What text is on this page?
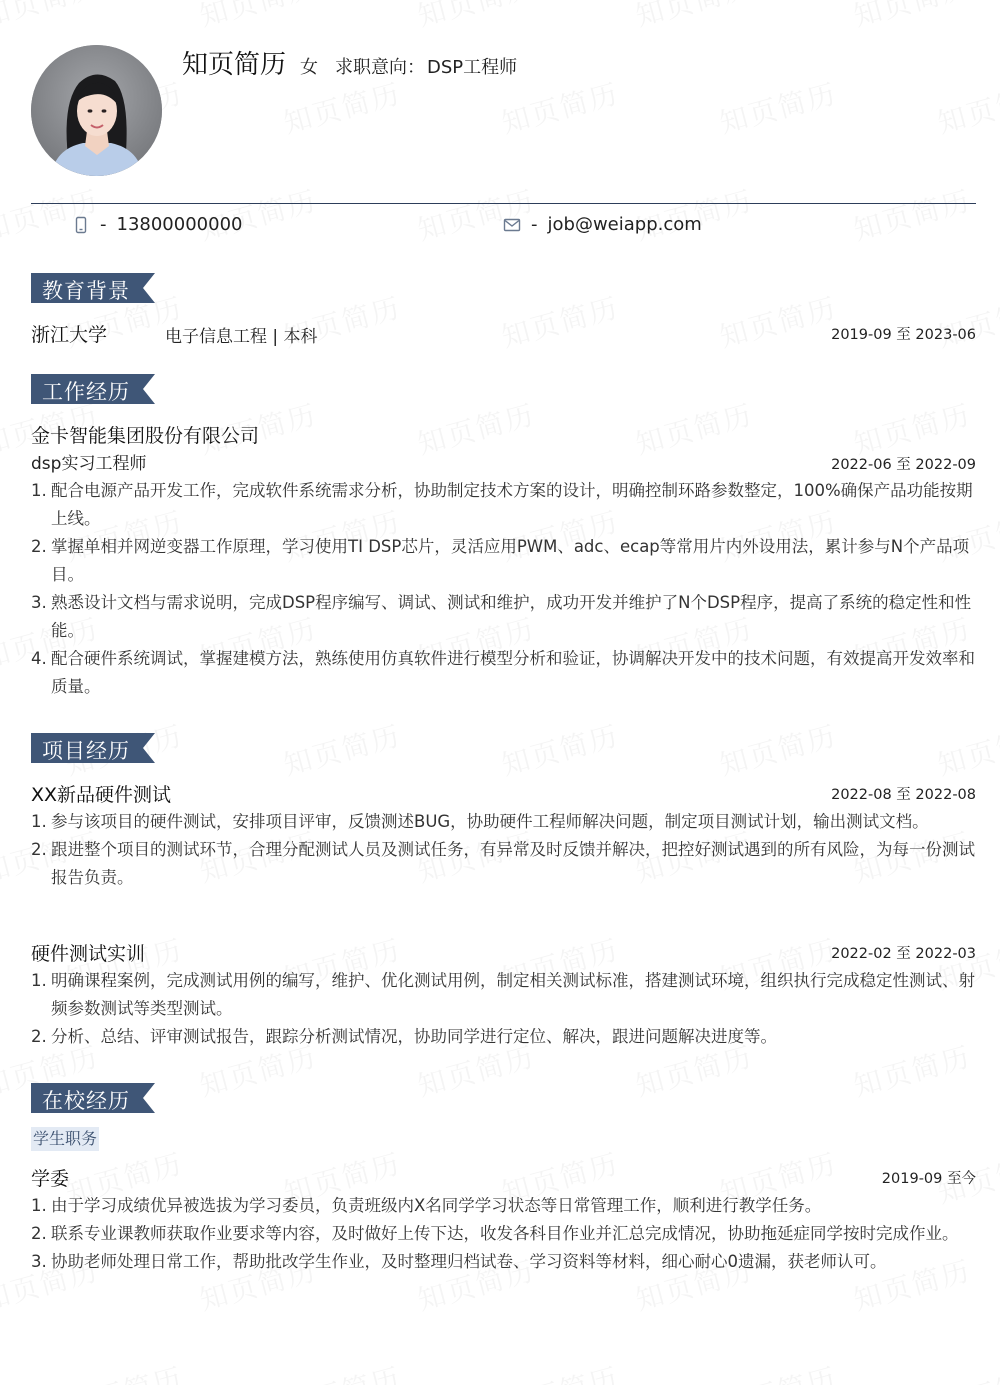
知页简历 女 求职意向： DSP工程师
- 13800000000	- job@weiapp.com
教育背景
浙江大学	电子信息工程 | 本科	2019-09 至 2023-06
工作经历
金卡智能集团股份有限公司
dsp实习工程师	2022-06 至 2022-09
1. 配合电源产品开发工作，完成软件系统需求分析，协助制定技术方案的设计，明确控制环路参数整定，100%确保产品功能按期上线。
2. 掌握单相并网逆变器工作原理，学习使用TI DSP芯片，灵活应用PWM、adc、ecap等常用片内外设用法，累计参与N个产品项目。
3. 熟悉设计文档与需求说明，完成DSP程序编写、调试、测试和维护，成功开发并维护了N个DSP程序，提高了系统的稳定性和性能。
4. 配合硬件系统调试，掌握建模方法，熟练使用仿真软件进行模型分析和验证，协调解决开发中的技术问题，有效提高开发效率和质量。
项目经历
XX新品硬件测试	2022-08 至 2022-08
1. 参与该项目的硬件测试，安排项目评审，反馈测述BUG，协助硬件工程师解决问题，制定项目测试计划，输出测试文档。
2. 跟进整个项目的测试环节，合理分配测试人员及测试任务，有异常及时反馈并解决，把控好测试遇到的所有风险，为每一份测试报告负责。
硬件测试实训	2022-02 至 2022-03
1. 明确课程案例，完成测试用例的编写，维护、优化测试用例，制定相关测试标准，搭建测试环境，组织执行完成稳定性测试、射频参数测试等类型测试。
2. 分析、总结、评审测试报告，跟踪分析测试情况，协助同学进行定位、解决，跟进问题解决进度等。
在校经历
学生职务
学委	2019-09 至今
1. 由于学习成绩优异被选拔为学习委员，负责班级内X名同学学习状态等日常管理工作，顺利进行教学任务。
2. 联系专业课教师获取作业要求等内容，及时做好上传下达，收发各科目作业并汇总完成情况，协助拖延症同学按时完成作业。
3. 协助老师处理日常工作，帮助批改学生作业，及时整理归档试卷、学习资料等材料，细心耐心0遗漏，获老师认可。
